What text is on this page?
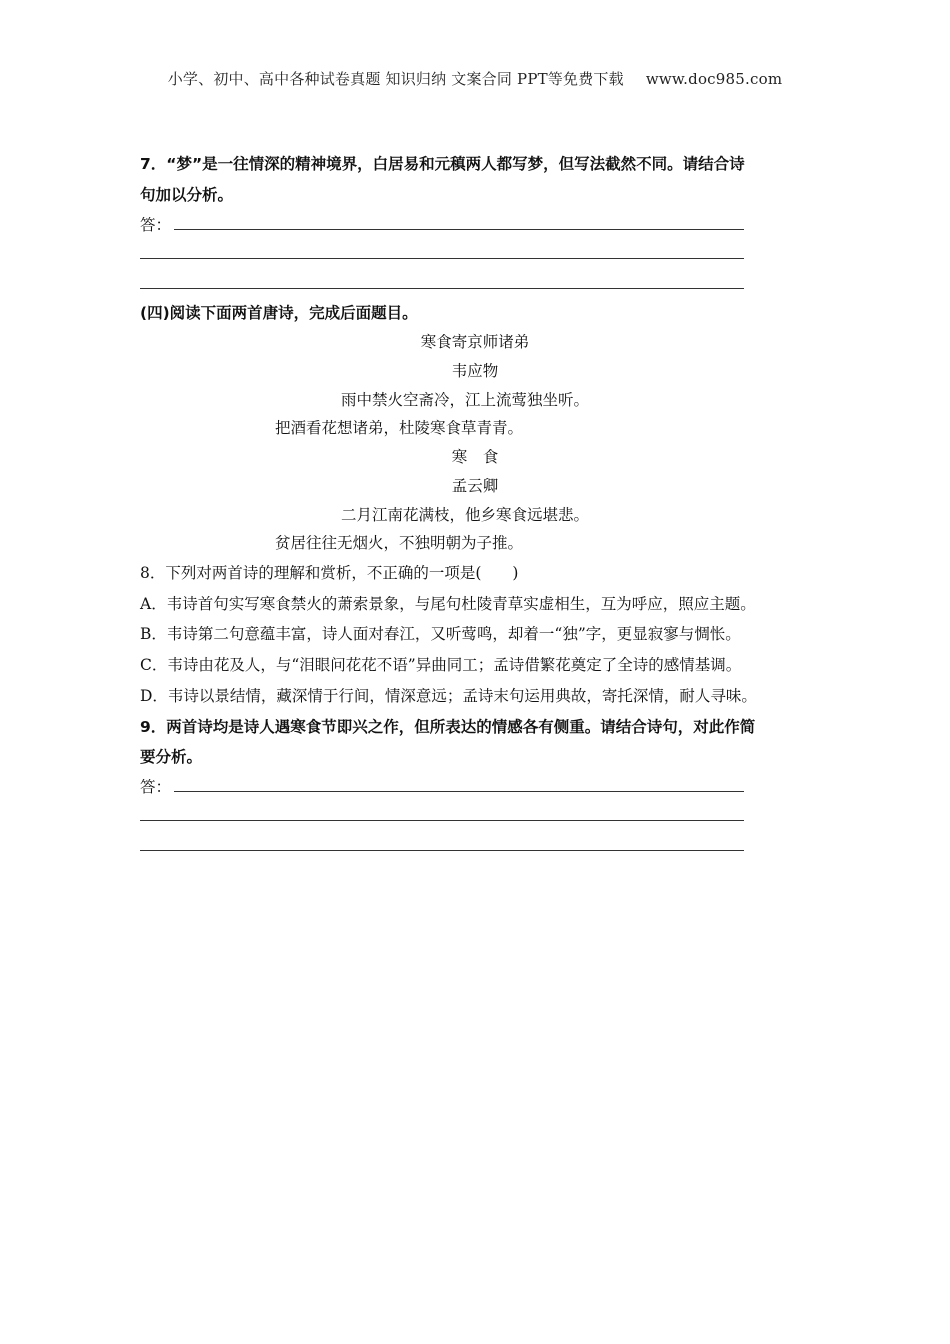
小学、初中、高中各种试卷真题 知识归纳 文案合同 PPT等免费下载 www.doc985.com
7．“梦”是一往情深的精神境界，白居易和元稹两人都写梦，但写法截然不同。请结合诗
句加以分析。
答：
(四)阅读下面两首唐诗，完成后面题目。
寒食寄京师诸弟
韦应物
雨中禁火空斋冷，江上流莺独坐听。
把酒看花想诸弟，杜陵寒食草青青。
寒　食
孟云卿
二月江南花满枝，他乡寒食远堪悲。
贫居往往无烟火，不独明朝为子推。
8．下列对两首诗的理解和赏析，不正确的一项是(　　)
A．韦诗首句实写寒食禁火的萧索景象，与尾句杜陵青草实虚相生，互为呼应，照应主题。
B．韦诗第二句意蕴丰富，诗人面对春江，又听莺鸣，却着一“独”字，更显寂寥与惆怅。
C．韦诗由花及人，与“泪眼问花花不语”异曲同工；孟诗借繁花奠定了全诗的感情基调。
D．韦诗以景结情，藏深情于行间，情深意远；孟诗末句运用典故，寄托深情，耐人寻味。
9．两首诗均是诗人遇寒食节即兴之作，但所表达的情感各有侧重。请结合诗句，对此作简
要分析。
答：
